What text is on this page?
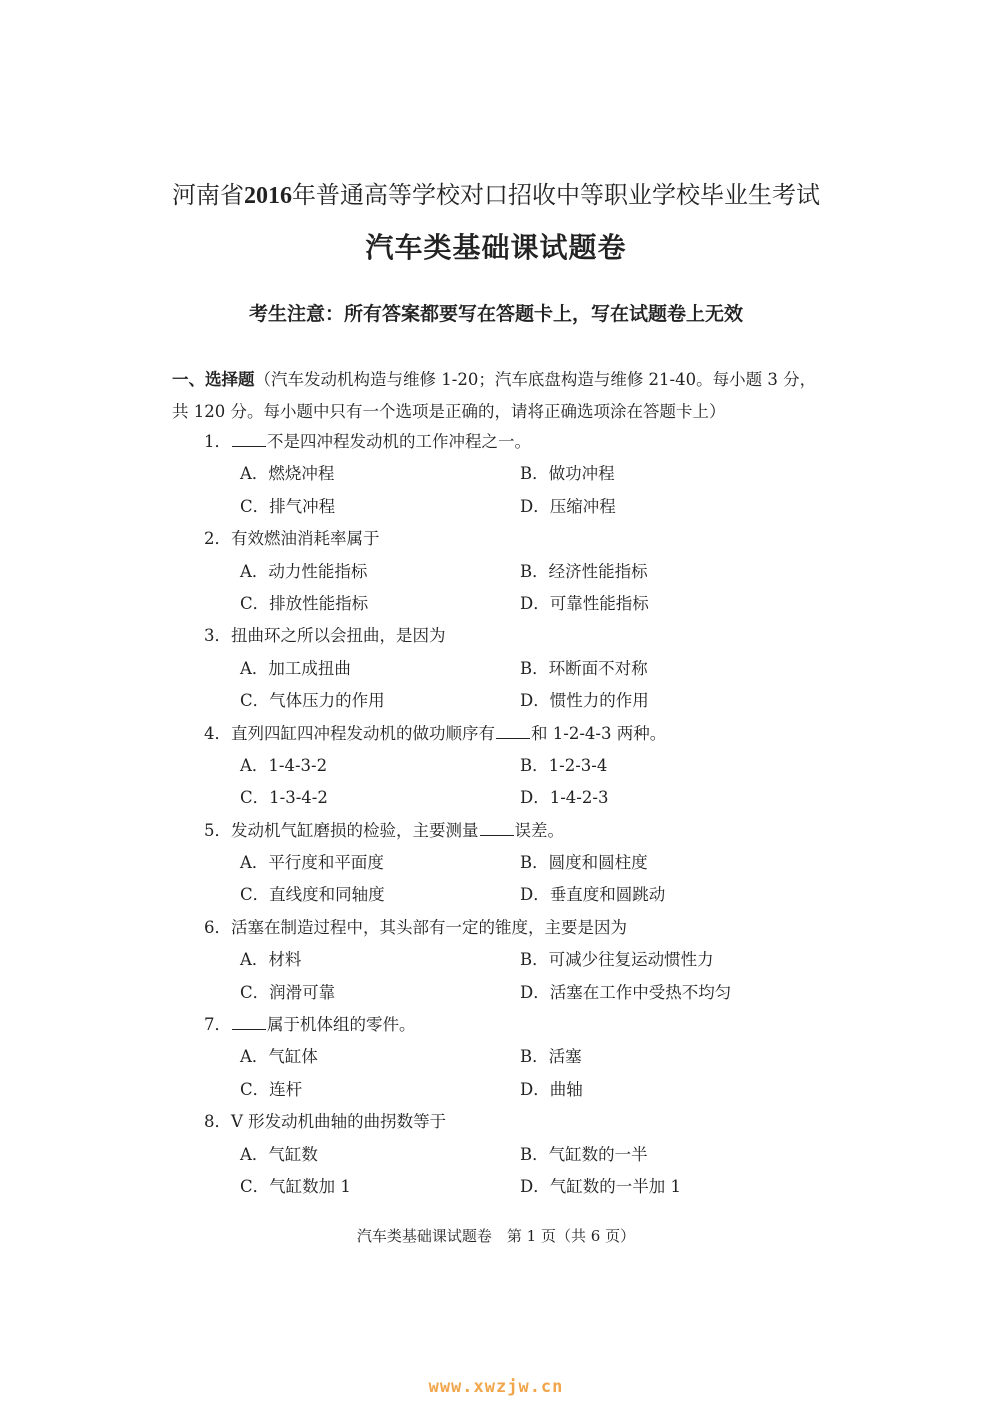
河南省2016年普通高等学校对口招收中等职业学校毕业生考试
汽车类基础课试题卷
考生注意：所有答案都要写在答题卡上，写在试题卷上无效
一、选择题（汽车发动机构造与维修 1-20；汽车底盘构造与维修 21-40。每小题 3 分，共 120 分。每小题中只有一个选项是正确的，请将正确选项涂在答题卡上）
1． 不是四冲程发动机的工作冲程之一。
A．燃烧冲程	B．做功冲程
C．排气冲程	D．压缩冲程
2．有效燃油消耗率属于
A．动力性能指标	B．经济性能指标
C．排放性能指标	D．可靠性能指标
3．扭曲环之所以会扭曲，是因为
A．加工成扭曲	B．环断面不对称
C．气体压力的作用	D．惯性力的作用
4．直列四缸四冲程发动机的做功顺序有 和 1-2-4-3 两种。
A．1-4-3-2	B．1-2-3-4
C．1-3-4-2	D．1-4-2-3
5．发动机气缸磨损的检验，主要测量 误差。
A．平行度和平面度	B．圆度和圆柱度
C．直线度和同轴度	D．垂直度和圆跳动
6．活塞在制造过程中，其头部有一定的锥度，主要是因为
A．材料	B．可减少往复运动惯性力
C．润滑可靠	D．活塞在工作中受热不均匀
7． 属于机体组的零件。
A．气缸体	B．活塞
C．连杆	D．曲轴
8．V 形发动机曲轴的曲拐数等于
A．气缸数	B．气缸数的一半
C．气缸数加 1	D．气缸数的一半加 1
汽车类基础课试题卷　第 1 页（共 6 页）
www.xwzjw.cn
